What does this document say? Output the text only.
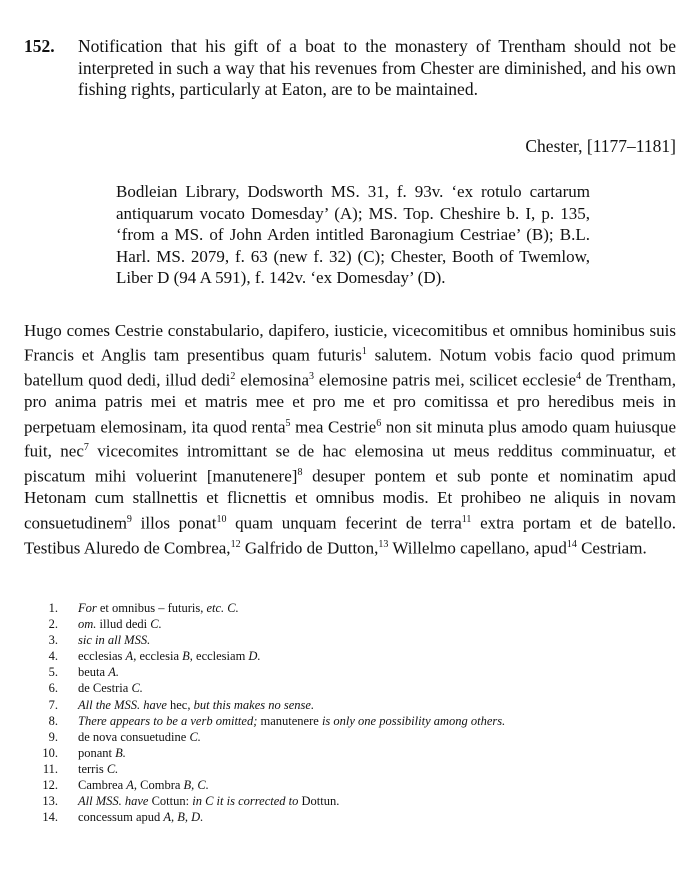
152. Notification that his gift of a boat to the monastery of Trentham should not be interpreted in such a way that his revenues from Chester are diminished, and his own fishing rights, particularly at Eaton, are to be maintained.
Chester, [1177–1181]
Bodleian Library, Dodsworth MS. 31, f. 93v. ‘ex rotulo cartarum antiquarum vocato Domesday’ (A); MS. Top. Cheshire b. I, p. 135, ‘from a MS. of John Arden intitled Baronagium Cestriae’ (B); B.L. Harl. MS. 2079, f. 63 (new f. 32) (C); Chester, Booth of Twemlow, Liber D (94 A 591), f. 142v. ‘ex Domesday’ (D).
Hugo comes Cestrie constabulario, dapifero, iusticie, vicecomitibus et omnibus hominibus suis Francis et Anglis tam presentibus quam futuris$^1$ salutem. Notum vobis facio quod primum batellum quod dedi, illud dedi$^2$ elemosina$^3$ elemosine patris mei, scilicet ecclesie$^4$ de Trentham, pro anima patris mei et matris mee et pro me et pro comitissa et pro heredibus meis in perpetuam elemosinam, ita quod renta$^5$ mea Cestrie$^6$ non sit minuta plus amodo quam huiusque fuit, nec$^7$ vicecomites intromittant se de hac elemosina ut meus redditus comminuatur, et piscatum mihi voluerint [manutenere]$^8$ desuper pontem et sub ponte et nominatim apud Hetonam cum stallnettis et flicnettis et omnibus modis. Et prohibeo ne aliquis in novam consuetudinem$^9$ illos ponat$^{10}$ quam unquam fecerint de terra$^{11}$ extra portam et de batello. Testibus Aluredo de Combrea,$^{12}$ Galfrido de Dutton,$^{13}$ Willelmo capellano, apud$^{14}$ Cestriam.
1.	For et omnibus – futuris, etc. C.
2.	om. illud dedi C.
3.	sic in all MSS.
4.	ecclesias A, ecclesia B, ecclesiam D.
5.	beuta A.
6.	de Cestria C.
7.	All the MSS. have hec, but this makes no sense.
8.	There appears to be a verb omitted; manutenere is only one possibility among others.
9.	de nova consuetudine C.
10.	ponant B.
11.	terris C.
12.	Cambrea A, Combra B, C.
13.	All MSS. have Cottun: in C it is corrected to Dottun.
14.	concessum apud A, B, D.
